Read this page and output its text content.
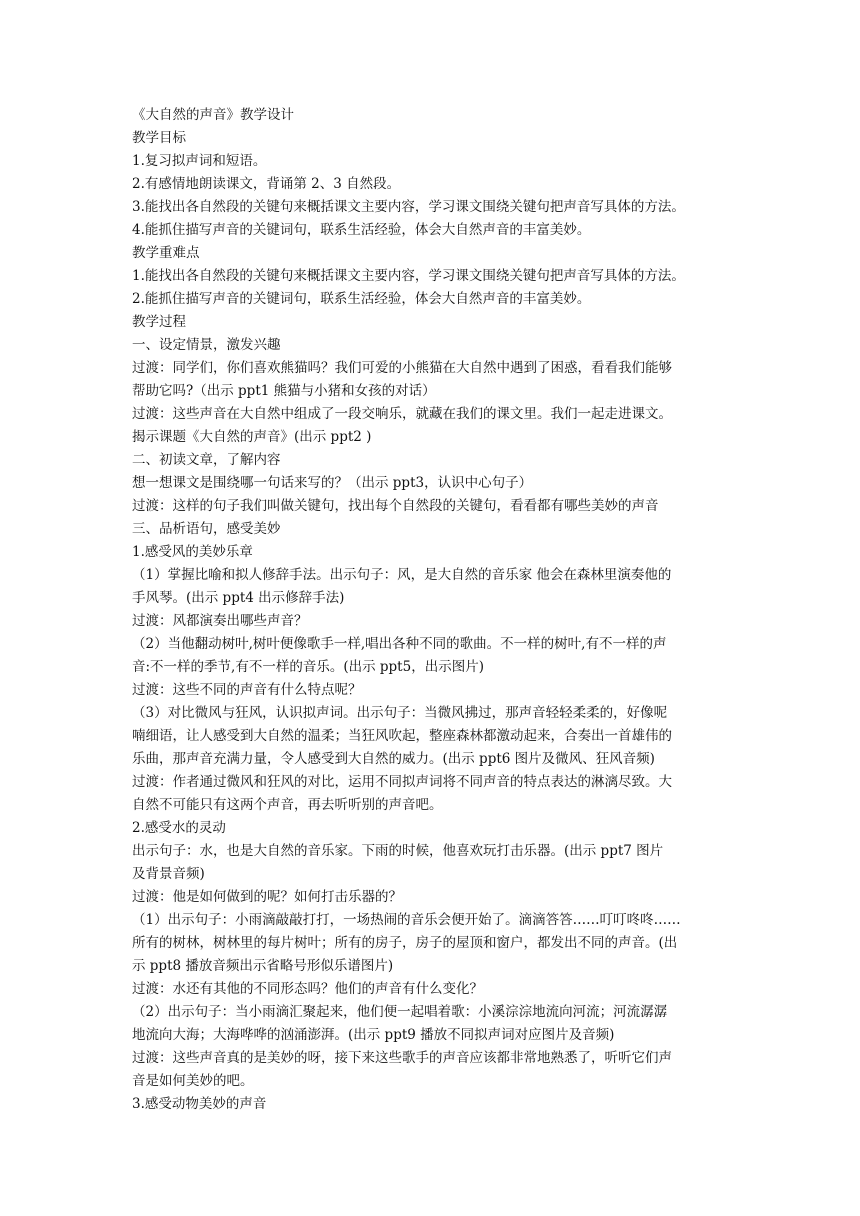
《大自然的声音》教学设计

教学目标

1.复习拟声词和短语。

2.有感情地朗读课文，背诵第 2、3 自然段。

3.能找出各自然段的关键句来概括课文主要内容，学习课文围绕关键句把声音写具体的方法。

4.能抓住描写声音的关键词句，联系生活经验，体会大自然声音的丰富美妙。

教学重难点

1.能找出各自然段的关键句来概括课文主要内容，学习课文围绕关键句把声音写具体的方法。

2.能抓住描写声音的关键词句，联系生活经验，体会大自然声音的丰富美妙。

教学过程

一、设定情景，激发兴趣

过渡：同学们，你们喜欢熊猫吗？我们可爱的小熊猫在大自然中遇到了困惑，看看我们能够

帮助它吗?（出示 ppt1 熊猫与小猪和女孩的对话）

过渡：这些声音在大自然中组成了一段交响乐，就藏在我们的课文里。我们一起走进课文。

揭示课题《大自然的声音》(出示 ppt2 )

二、初读文章，了解内容

想一想课文是围绕哪一句话来写的？（出示 ppt3，认识中心句子）

过渡：这样的句子我们叫做关键句，找出每个自然段的关键句，看看都有哪些美妙的声音

三、品析语句，感受美妙

1.感受风的美妙乐章

（1）掌握比喻和拟人修辞手法。出示句子：风，是大自然的音乐家 他会在森林里演奏他的

手风琴。(出示 ppt4 出示修辞手法)

过渡：风都演奏出哪些声音？

（2）当他翻动树叶,树叶便像歌手一样,唱出各种不同的歌曲。不一样的树叶,有不一样的声

音:不一样的季节,有不一样的音乐。(出示 ppt5，出示图片)

过渡：这些不同的声音有什么特点呢？

（3）对比微风与狂风，认识拟声词。出示句子：当微风拂过，那声音轻轻柔柔的，好像呢

喃细语，让人感受到大自然的温柔；当狂风吹起，整座森林都激动起来，合奏出一首雄伟的

乐曲，那声音充满力量，令人感受到大自然的威力。(出示 ppt6 图片及微风、狂风音频)

过渡：作者通过微风和狂风的对比，运用不同拟声词将不同声音的特点表达的淋漓尽致。大

自然不可能只有这两个声音，再去听听别的声音吧。

2.感受水的灵动

出示句子：水，也是大自然的音乐家。下雨的时候，他喜欢玩打击乐器。(出示 ppt7 图片

及背景音频)

过渡：他是如何做到的呢？如何打击乐器的？

（1）出示句子：小雨滴敲敲打打，一场热闹的音乐会便开始了。滴滴答答……叮叮咚咚……

所有的树林，树林里的每片树叶；所有的房子，房子的屋顶和窗户，都发出不同的声音。(出

示 ppt8 播放音频出示省略号形似乐谱图片)

过渡：水还有其他的不同形态吗？他们的声音有什么变化？

（2）出示句子：当小雨滴汇聚起来，他们便一起唱着歌：小溪淙淙地流向河流；河流潺潺

地流向大海；大海哗哗的汹涌澎湃。(出示 ppt9 播放不同拟声词对应图片及音频)

过渡：这些声音真的是美妙的呀，接下来这些歌手的声音应该都非常地熟悉了，听听它们声

音是如何美妙的吧。

3.感受动物美妙的声音
